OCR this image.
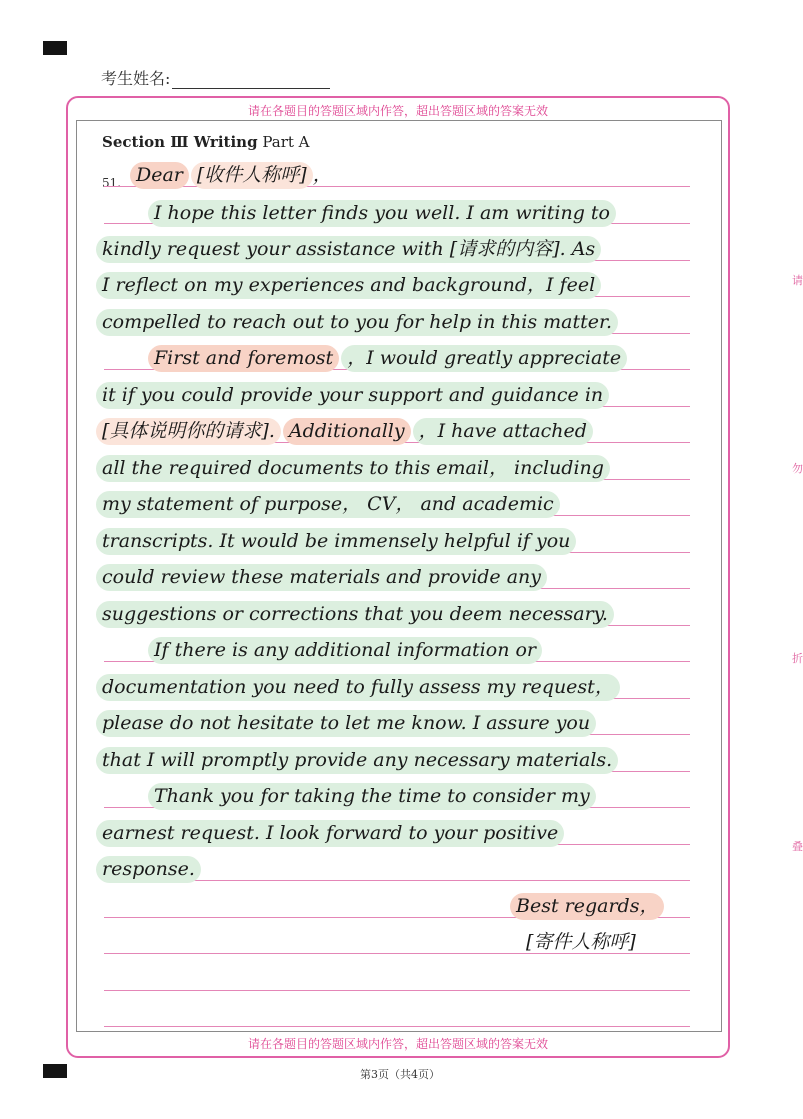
考生姓名:
请在各题目的答题区域内作答，超出答题区域的答案无效
请在各题目的答题区域内作答，超出答题区域的答案无效
Section Ⅲ Writing Part A
51. Dear [收件人称呼] ，
I hope this letter finds you well. I am writing to
kindly request your assistance with [请求的内容]. As
I reflect on my experiences and background，I feel
compelled to reach out to you for help in this matter.
First and foremost ，I would greatly appreciate
it if you could provide your support and guidance in
[具体说明你的请求]. Additionally ，I have attached
all the required documents to this email， including
my statement of purpose， CV， and academic
transcripts. It would be immensely helpful if you
could review these materials and provide any
suggestions or corrections that you deem necessary.
If there is any additional information or
documentation you need to fully assess my request，
please do not hesitate to let me know. I assure you
that I will promptly provide any necessary materials.
Thank you for taking the time to consider my
earnest request. I look forward to your positive
response.
Best regards，
[寄件人称呼]
第3页（共4页）
请
勿
折
叠
